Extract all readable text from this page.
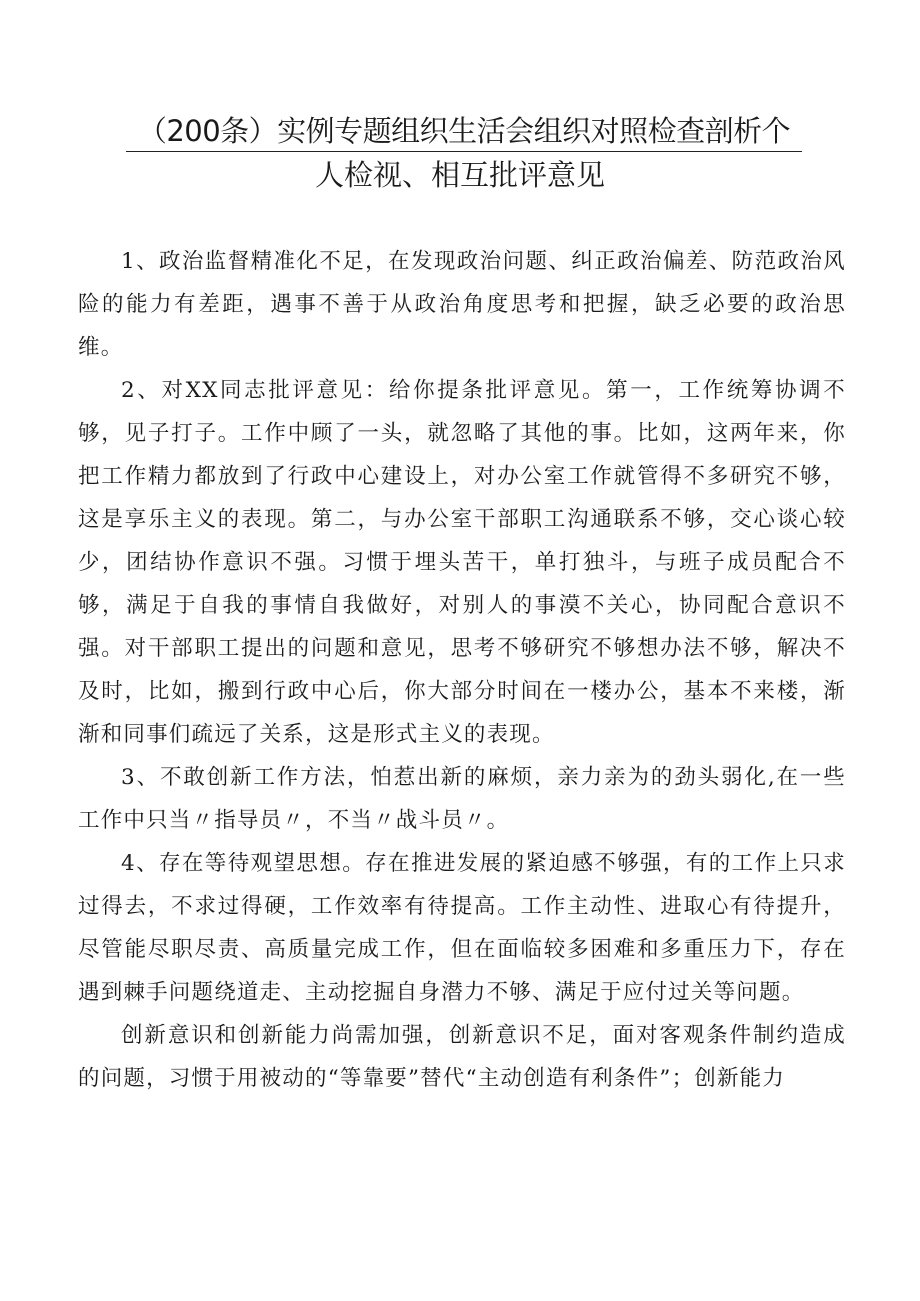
（200条）实例专题组织生活会组织对照检查剖析个
人检视、相互批评意见

1、政治监督精准化不足，在发现政治问题、纠正政治偏差、防范政治风险的能力有差距，遇事不善于从政治角度思考和把握，缺乏必要的政治思维。

2、对XX同志批评意见：给你提条批评意见。第一，工作统筹协调不够，见子打子。工作中顾了一头，就忽略了其他的事。比如，这两年来，你把工作精力都放到了行政中心建设上，对办公室工作就管得不多研究不够，这是享乐主义的表现。第二，与办公室干部职工沟通联系不够，交心谈心较少，团结协作意识不强。习惯于埋头苦干，单打独斗，与班子成员配合不够，满足于自我的事情自我做好，对别人的事漠不关心，协同配合意识不强。对干部职工提出的问题和意见，思考不够研究不够想办法不够，解决不及时，比如，搬到行政中心后，你大部分时间在一楼办公，基本不来楼，渐渐和同事们疏远了关系，这是形式主义的表现。

3、不敢创新工作方法，怕惹出新的麻烦，亲力亲为的劲头弱化,在一些工作中只当〃指导员〃，不当〃战斗员〃。

4、存在等待观望思想。存在推进发展的紧迫感不够强，有的工作上只求过得去，不求过得硬，工作效率有待提高。工作主动性、进取心有待提升，尽管能尽职尽责、高质量完成工作，但在面临较多困难和多重压力下，存在遇到棘手问题绕道走、主动挖掘自身潜力不够、满足于应付过关等问题。

创新意识和创新能力尚需加强，创新意识不足，面对客观条件制约造成的问题，习惯于用被动的“等靠要”替代“主动创造有利条件”；创新能力
